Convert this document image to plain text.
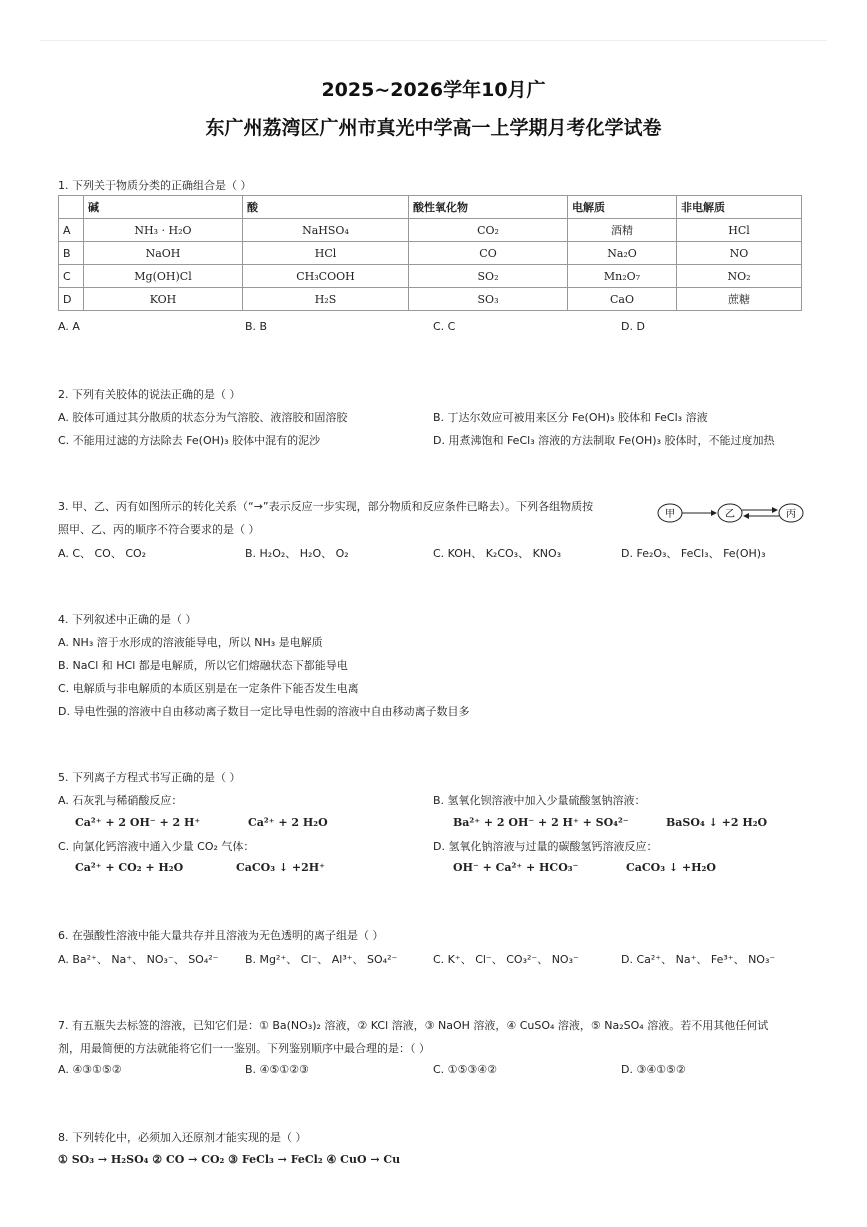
2025~2026学年10月广
东广州荔湾区广州市真光中学高一上学期月考化学试卷
1. 下列关于物质分类的正确组合是（ ）
	碱	酸	酸性氧化物	电解质	非电解质
A	NH₃ · H₂O	NaHSO₄	CO₂	酒精	HCl
B	NaOH	HCl	CO	Na₂O	NO
C	Mg(OH)Cl	CH₃COOH	SO₂	Mn₂O₇	NO₂
D	KOH	H₂S	SO₃	CaO	蔗糖
A. A	B. B	C. C	D. D
2. 下列有关胶体的说法正确的是（ ）
A. 胶体可通过其分散质的状态分为气溶胶、液溶胶和固溶胶	B. 丁达尔效应可被用来区分 Fe(OH)₃ 胶体和 FeCl₃ 溶液
C. 不能用过滤的方法除去 Fe(OH)₃ 胶体中混有的泥沙	D. 用煮沸饱和 FeCl₃ 溶液的方法制取 Fe(OH)₃ 胶体时，不能过度加热
3. 甲、乙、丙有如图所示的转化关系（“→”表示反应一步实现，部分物质和反应条件已略去）。下列各组物质按
照甲、乙、丙的顺序不符合要求的是（ ）
甲	乙	丙
A. C、 CO、 CO₂	B. H₂O₂、 H₂O、 O₂	C. KOH、 K₂CO₃、 KNO₃	D. Fe₂O₃、 FeCl₃、 Fe(OH)₃
4. 下列叙述中正确的是（ ）
A. NH₃ 溶于水形成的溶液能导电，所以 NH₃ 是电解质
B. NaCl 和 HCl 都是电解质，所以它们熔融状态下都能导电
C. 电解质与非电解质的本质区别是在一定条件下能否发生电离
D. 导电性强的溶液中自由移动离子数目一定比导电性弱的溶液中自由移动离子数目多
5. 下列离子方程式书写正确的是（ ）
A. 石灰乳与稀硝酸反应：
Ca²⁺ + 2 OH⁻ + 2 H⁺	Ca²⁺ + 2 H₂O
B. 氢氧化钡溶液中加入少量硫酸氢钠溶液：
Ba²⁺ + 2 OH⁻ + 2 H⁺ + SO₄²⁻	BaSO₄ ↓ +2 H₂O
C. 向氯化钙溶液中通入少量 CO₂ 气体：
Ca²⁺ + CO₂ + H₂O	CaCO₃ ↓ +2H⁺
D. 氢氧化钠溶液与过量的碳酸氢钙溶液反应：
OH⁻ + Ca²⁺ + HCO₃⁻	CaCO₃ ↓ +H₂O
6. 在强酸性溶液中能大量共存并且溶液为无色透明的离子组是（ ）
A. Ba²⁺、 Na⁺、 NO₃⁻、 SO₄²⁻ B. Mg²⁺、 Cl⁻、 Al³⁺、 SO₄²⁻	C. K⁺、 Cl⁻、 CO₃²⁻、 NO₃⁻	D. Ca²⁺、 Na⁺、 Fe³⁺、 NO₃⁻
7. 有五瓶失去标签的溶液，已知它们是：① Ba(NO₃)₂ 溶液，② KCl 溶液，③ NaOH 溶液，④ CuSO₄ 溶液，⑤ Na₂SO₄ 溶液。若不用其他任何试
剂，用最简便的方法就能将它们一一鉴别。下列鉴别顺序中最合理的是：（ ）
A. ④③①⑤②	B. ④⑤①②③	C. ①⑤③④②	D. ③④①⑤②
8. 下列转化中，必须加入还原剂才能实现的是（ ）
① SO₃ → H₂SO₄ ② CO → CO₂ ③ FeCl₃ → FeCl₂ ④ CuO → Cu
